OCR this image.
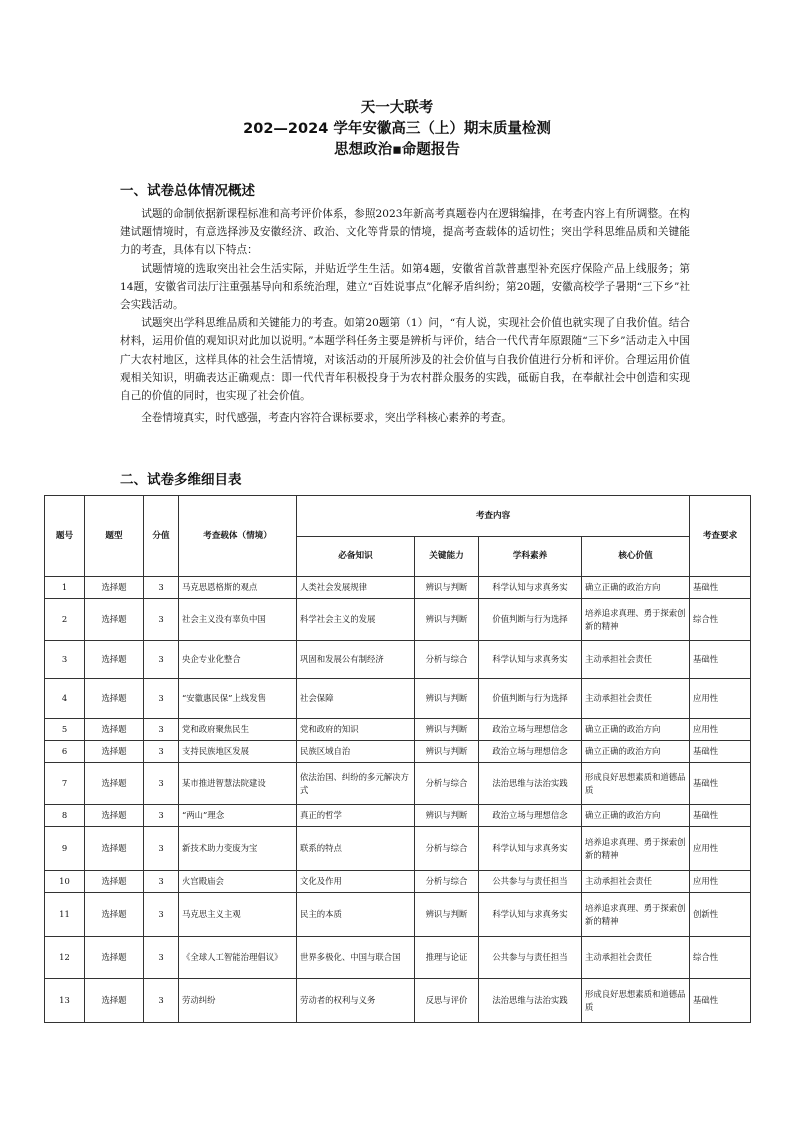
天一大联考
202—2024 学年安徽高三（上）期末质量检测
思想政治▪命题报告
一、试卷总体情况概述

试题的命制依据新课程标准和高考评价体系，参照2023年新高考真题卷内在逻辑编排，在考查内容上有所调整。在构建试题情境时，有意选择涉及安徽经济、政治、文化等背景的情境，提高考查载体的适切性；突出学科思维品质和关键能力的考查，具体有以下特点：

试题情境的选取突出社会生活实际，并贴近学生生活。如第4题，安徽省首款普惠型补充医疗保险产品上线服务；第14题，安徽省司法厅注重强基导向和系统治理，建立“百姓说事点”化解矛盾纠纷；第20题，安徽高校学子暑期“三下乡”社会实践活动。

试题突出学科思维品质和关键能力的考查。如第20题第（1）问，“有人说，实现社会价值也就实现了自我价值。结合材料，运用价值的观知识对此加以说明。”本题学科任务主要是辨析与评价，结合一代代青年原跟随“三下乡”活动走入中国广大农村地区，这样具体的社会生活情境，对该活动的开展所涉及的社会价值与自我价值进行分析和评价。合理运用价值观相关知识，明确表达正确观点：即一代代青年积极投身于为农村群众服务的实践，砥砺自我，在奉献社会中创造和实现自己的价值的同时，也实现了社会价值。

全卷情境真实，时代感强，考查内容符合课标要求，突出学科核心素养的考查。

二、试卷多维细目表
题号	题型	分值	考查载体（情境）	考查内容				考查要求
				必备知识	关键能力	学科素养	核心价值	
1	选择题	3	马克思恩格斯的观点	人类社会发展规律	辨识与判断	科学认知与求真务实	确立正确的政治方向	基础性
2	选择题	3	社会主义没有辜负中国	科学社会主义的发展	辨识与判断	价值判断与行为选择	培养追求真理、勇于探索创新的精神	综合性
3	选择题	3	央企专业化整合	巩固和发展公有制经济	分析与综合	科学认知与求真务实	主动承担社会责任	基础性
4	选择题	3	“安徽惠民保”上线发售	社会保障	辨识与判断	价值判断与行为选择	主动承担社会责任	应用性
5	选择题	3	党和政府聚焦民生	党和政府的知识	辨识与判断	政治立场与理想信念	确立正确的政治方向	应用性
6	选择题	3	支持民族地区发展	民族区域自治	辨识与判断	政治立场与理想信念	确立正确的政治方向	基础性
7	选择题	3	某市推进智慧法院建设	依法治国、纠纷的多元解决方式	分析与综合	法治思维与法治实践	形成良好思想素质和道德品质	基础性
8	选择题	3	“两山”理念	真正的哲学	辨识与判断	政治立场与理想信念	确立正确的政治方向	基础性
9	选择题	3	新技术助力变废为宝	联系的特点	分析与综合	科学认知与求真务实	培养追求真理、勇于探索创新的精神	应用性
10	选择题	3	火宫殿庙会	文化及作用	分析与综合	公共参与与责任担当	主动承担社会责任	应用性
11	选择题	3	马克思主义主观	民主的本质	辨识与判断	科学认知与求真务实	培养追求真理、勇于探索创新的精神	创新性
12	选择题	3	《全球人工智能治理倡议》	世界多极化、中国与联合国	推理与论证	公共参与与责任担当	主动承担社会责任	综合性
13	选择题	3	劳动纠纷	劳动者的权利与义务	反思与评价	法治思维与法治实践	形成良好思想素质和道德品质	基础性
